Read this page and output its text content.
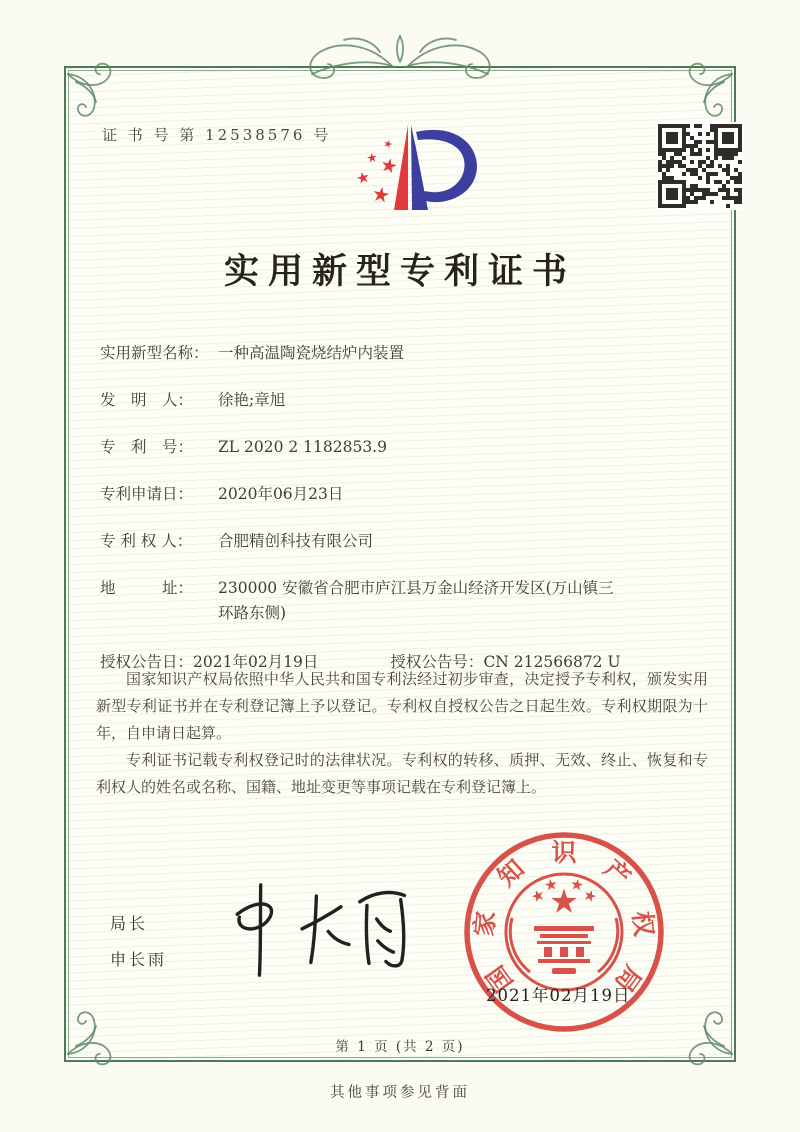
证 书 号 第 12538576 号
实用新型专利证书
实用新型名称： 一种高温陶瓷烧结炉内装置
发　明　人：	徐艳;章旭
专　利　号：	ZL 2020 2 1182853.9
专利申请日：	2020年06月23日
专 利 权 人：	合肥精创科技有限公司
地　　　址：	230000 安徽省合肥市庐江县万金山经济开发区(万山镇三
环路东侧)
授权公告日： 2021年02月19日	授权公告号： CN 212566872 U

国家知识产权局依照中华人民共和国专利法经过初步审查，决定授予专利权，颁发实用新型专利证书并在专利登记簿上予以登记。专利权自授权公告之日起生效。专利权期限为十年，自申请日起算。

专利证书记载专利权登记时的法律状况。专利权的转移、质押、无效、终止、恢复和专利权人的姓名或名称、国籍、地址变更等事项记载在专利登记簿上。

局长
申长雨
国
家
知
识
产
权
局
2021年02月19日
第 1 页 (共 2 页)
其他事项参见背面
